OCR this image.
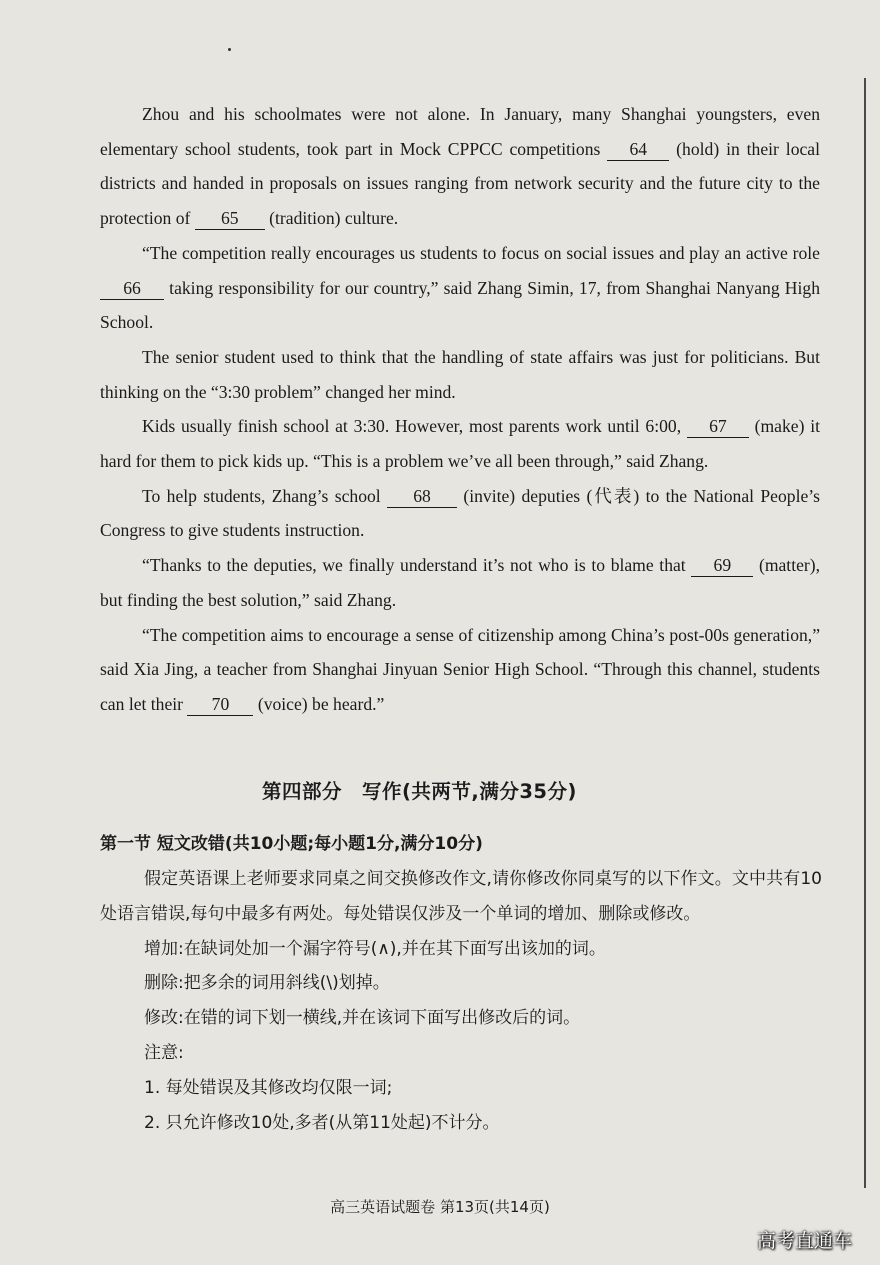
Zhou and his schoolmates were not alone. In January, many Shanghai youngsters, even elementary school students, took part in Mock CPPCC competitions 64 (hold) in their local districts and handed in proposals on issues ranging from network security and the future city to the protection of 65 (tradition) culture.

“The competition really encourages us students to focus on social issues and play an active role 66 taking responsibility for our country,” said Zhang Simin, 17, from Shanghai Nanyang High School.

The senior student used to think that the handling of state affairs was just for politicians. But thinking on the “3:30 problem” changed her mind.

Kids usually finish school at 3:30. However, most parents work until 6:00, 67 (make) it hard for them to pick kids up. “This is a problem we’ve all been through,” said Zhang.

To help students, Zhang’s school 68 (invite) deputies (代表) to the National People’s Congress to give students instruction.

“Thanks to the deputies, we finally understand it’s not who is to blame that 69 (matter), but finding the best solution,” said Zhang.

“The competition aims to encourage a sense of citizenship among China’s post-00s generation,” said Xia Jing, a teacher from Shanghai Jinyuan Senior High School. “Through this channel, students can let their 70 (voice) be heard.”

第四部分　写作(共两节,满分35分)

第一节 短文改错(共10小题;每小题1分,满分10分)

假定英语课上老师要求同桌之间交换修改作文,请你修改你同桌写的以下作文。文中共有10处语言错误,每句中最多有两处。每处错误仅涉及一个单词的增加、删除或修改。

增加:在缺词处加一个漏字符号(∧),并在其下面写出该加的词。

删除:把多余的词用斜线(\)划掉。

修改:在错的词下划一横线,并在该词下面写出修改后的词。

注意:

1. 每处错误及其修改均仅限一词;

2. 只允许修改10处,多者(从第11处起)不计分。

高三英语试题卷 第13页(共14页)

高考直通车
